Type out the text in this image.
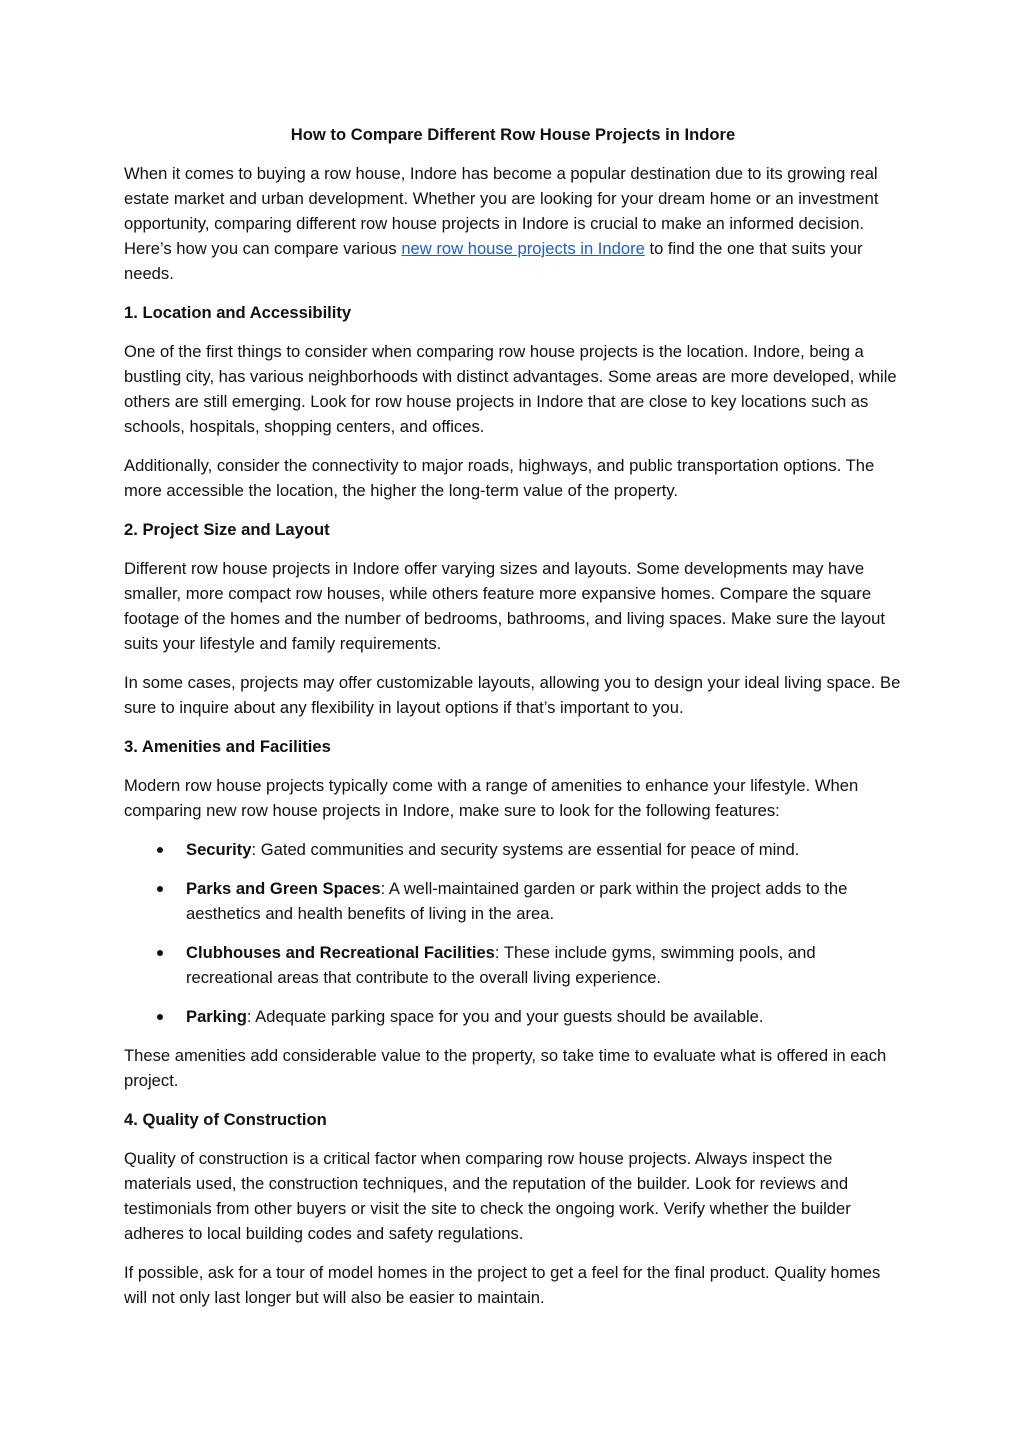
How to Compare Different Row House Projects in Indore

When it comes to buying a row house, Indore has become a popular destination due to its growing real estate market and urban development. Whether you are looking for your dream home or an investment opportunity, comparing different row house projects in Indore is crucial to make an informed decision. Here’s how you can compare various new row house projects in Indore to find the one that suits your needs.

1. Location and Accessibility

One of the first things to consider when comparing row house projects is the location. Indore, being a bustling city, has various neighborhoods with distinct advantages. Some areas are more developed, while others are still emerging. Look for row house projects in Indore that are close to key locations such as schools, hospitals, shopping centers, and offices.

Additionally, consider the connectivity to major roads, highways, and public transportation options. The more accessible the location, the higher the long-term value of the property.

2. Project Size and Layout

Different row house projects in Indore offer varying sizes and layouts. Some developments may have smaller, more compact row houses, while others feature more expansive homes. Compare the square footage of the homes and the number of bedrooms, bathrooms, and living spaces. Make sure the layout suits your lifestyle and family requirements.

In some cases, projects may offer customizable layouts, allowing you to design your ideal living space. Be sure to inquire about any flexibility in layout options if that’s important to you.

3. Amenities and Facilities

Modern row house projects typically come with a range of amenities to enhance your lifestyle. When comparing new row house projects in Indore, make sure to look for the following features:

Security: Gated communities and security systems are essential for peace of mind.
Parks and Green Spaces: A well-maintained garden or park within the project adds to the aesthetics and health benefits of living in the area.
Clubhouses and Recreational Facilities: These include gyms, swimming pools, and recreational areas that contribute to the overall living experience.
Parking: Adequate parking space for you and your guests should be available.

These amenities add considerable value to the property, so take time to evaluate what is offered in each project.

4. Quality of Construction

Quality of construction is a critical factor when comparing row house projects. Always inspect the materials used, the construction techniques, and the reputation of the builder. Look for reviews and testimonials from other buyers or visit the site to check the ongoing work. Verify whether the builder adheres to local building codes and safety regulations.

If possible, ask for a tour of model homes in the project to get a feel for the final product. Quality homes will not only last longer but will also be easier to maintain.
